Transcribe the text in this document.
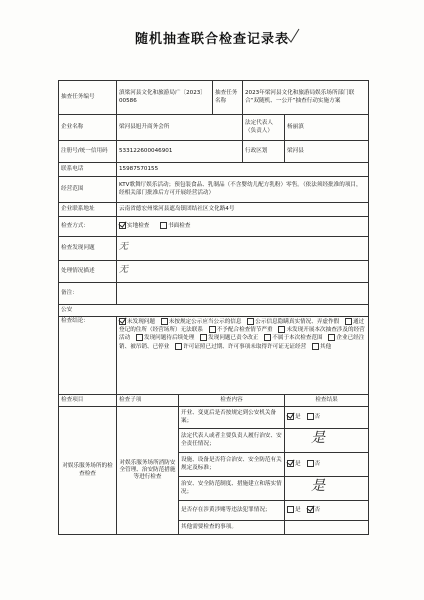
随机抽查联合检查记录表
抽查任务编号	滇梁河县文化和旅游局广〔2023〕00586		抽查任务名称	2023年梁河县文化和旅游局娱乐场所部门联合“双随机、一公开”抽查行动实施方案	
企业名称	梁河县旭升商务会所			法定代表人（负责人）	杨丽滇
注册号/统一信用码	533122600046901			行政区划	梁河县
联系电话	15987570155				
经营范围	KTV歌舞厅娱乐活动；预包装食品、乳制品（不含婴幼儿配方乳粉）零售。（依法须经批准的项目，经相关部门批准后方可开展经营活动）				
企业联系地址	云南省德宏州梁河县遮岛镇团结社区文化路4号				
检查方式：	实地检查 书面检查				
检查发现问题	无				
处理情况描述	无				
备注：					
公安					
检查结论：	未发现问题 未按规定公示应当公示的信息 公示信息隐瞒真实情况、弄虚作假 通过登记的住所（经营场所）无法联系 不予配合检查情节严重 未发现开展本次抽查涉及的经营活动 发现问题待后续处理 发现问题已责令改正 不属于本次检查范围 企业已经注销、被吊销、已停业 许可证照已过期、许可事项未取得许可证无证经营 其他				
检查项目	检查子项	检查内容			检查结果
对娱乐服务场所的检查检查	对娱乐服务场所消防安全管理、治安防范措施等进行检查	开业、变更后是否按规定到公安机关备案；			是 否
		法定代表人或者主要负责人履行治安、安全责任情况；			是
		设施、设备是否符合治安、安全防范有关规定及标准；			是 否
		治安、安全防范制度、措施建立和落实情况；			是
		是否存在涉黄涉赌等违法犯罪情况；			是 否
		其他需要检查的事项。			
